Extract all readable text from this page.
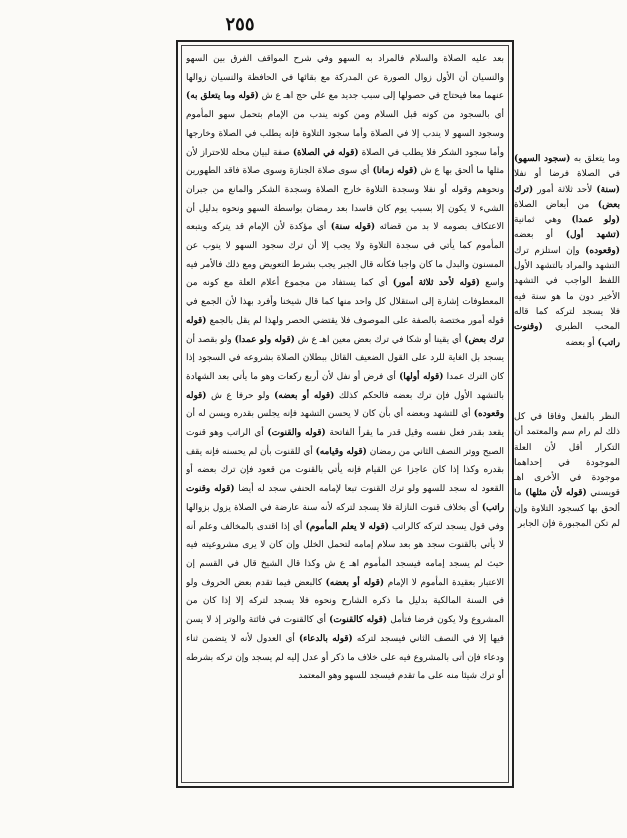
٢٥٥

بعد عليه الصلاة والسلام فالمراد به السهو وفي شرح المواقف الفرق بين السهو والنسيان أن الأول زوال الصورة عن المدركة مع بقائها في الحافظة والنسيان زوالها عنهما معا فيحتاج في حصولها إلى سبب جديد مع علي حج اهـ ع ش (قوله وما يتعلق به) أي بالسجود من كونه قبل السلام ومن كونه يندب من الإمام بتحمل سهو المأموم وسجود السهو لا يندب إلا في الصلاة وأما سجود التلاوة فإنه يطلب في الصلاة وخارجها وأما سجود الشكر فلا يطلب في الصلاة (قوله في الصلاة) صفة لبيان محله للاحتراز لأن مثلها ما ألحق بها ع ش (قوله زمانا) أي سوى صلاة الجنازة وسوى صلاة فاقد الطهورين ونحوهم وقوله أو نفلا وسجدة التلاوة خارج الصلاة وسجدة الشكر والمانع من جبران الشيء لا يكون إلا بسبب يوم كان فاسدا بعد رمضان بواسطة السهو ونحوه بدليل أن الاعتكاف بصومه لا بد من قضائه (قوله سنة) أي مؤكدة لأن الإمام قد يتركه ويتبعه المأموم كما يأتي في سجدة التلاوة ولا يجب إلا أن ترك سجود السهو لا ينوب عن المسنون والبدل ما كان واجبا فكأنه قال الجبر يجب بشرط التعويض ومع ذلك فالأمر فيه واسع (قوله لأحد ثلاثة أمور) أي كما يستفاد من مجموع أعلام العلة مع كونه من المعطوفات إشارة إلى استقلال كل واحد منها كما قال شيخنا وأفرد بهذا لأن الجمع في قوله أمور مختصة بالصفة على الموصوف فلا يقتضي الحصر ولهذا لم يقل بالجمع (قوله ترك بعض) أي يقينا أو شكا في ترك بعض معين اهـ ع ش (قوله ولو عمدا) ولو بقصد أن يسجد بل الغاية للرد على القول الضعيف القائل ببطلان الصلاة بشروعه في السجود إذا كان الترك عمدا (قوله أولها) أي فرض أو نفل لأن أربع ركعات وهو ما يأتي بعد الشهادة بالتشهد الأول فإن ترك بعضه فالحكم كذلك (قوله أو بعضه) ولو حرفا ع ش (قوله وقعوده) أي للتشهد وبعضه أي بأن كان لا يحسن التشهد فإنه يجلس بقدره ويسن له أن يقعد بقدر فعل نفسه وقيل قدر ما يقرأ الفاتحة (قوله والقنوت) أي الراتب وهو قنوت الصبح ووتر النصف الثاني من رمضان (قوله وقيامه) أي للقنوت بأن لم يحسنه فإنه يقف بقدره وكذا إذا كان عاجزا عن القيام فإنه يأتي بالقنوت من قعود فإن ترك بعضه أو القعود له سجد للسهو ولو ترك القنوت تبعا لإمامه الحنفي سجد له أيضا (قوله وقنوت راتب) أي بخلاف قنوت النازلة فلا يسجد لتركه لأنه سنة عارضة في الصلاة يزول بزوالها وفي قول يسجد لتركه كالراتب (قوله لا يعلم المأموم) أي إذا اقتدى بالمخالف وعلم أنه لا يأتي بالقنوت سجد هو بعد سلام إمامه لتحمل الخلل وإن كان لا يرى مشروعيته فيه حيث لم يسجد إمامه فيسجد المأموم اهـ ع ش وكذا قال الشيخ قال في القسم إن الاعتبار بعقيدة المأموم لا الإمام (قوله أو بعضه) كالبعض فيما تقدم بعض الحروف ولو في السنة المالكية بدليل ما ذكره الشارح ونحوه فلا يسجد لتركه إلا إذا كان من المشروع ولا يكون فرضا فتأمل (قوله كالقنوت) أي كالقنوت في فائتة والوتر إذ لا يسن فيها إلا في النصف الثاني فيسجد لتركه (قوله بالدعاء) أي العدول لأنه لا يتضمن ثناء ودعاء فإن أتى بالمشروع فيه على خلاف ما ذكر أو عدل إليه لم يسجد وإن تركه بشرطه أو ترك شيئا منه على ما تقدم فيسجد للسهو وهو المعتمد

وما يتعلق به (سجود السهو) في الصلاة فرضا أو نفلا (سنة) لأحد ثلاثة أمور (ترك بعض) من أبعاض الصلاة (ولو عمدا) وهي ثمانية (تشهد أول) أو بعضه (وقعوده) وإن استلزم ترك التشهد والمراد بالتشهد الأول اللفظ الواجب في التشهد الأخير دون ما هو سنة فيه فلا يسجد لتركه كما قاله المحب الطبري (وقنوت راتب) أو بعضه

النظر بالفعل وفاقا في كل ذلك لم رام سم والمعتمد أن التكرار أقل لأن العلة الموجودة في إحداهما موجودة في الأخرى اهـ قويسني (قوله لأن مثلها) ما ألحق بها كسجود التلاوة وإن لم تكن المجبورة فإن الجابر
